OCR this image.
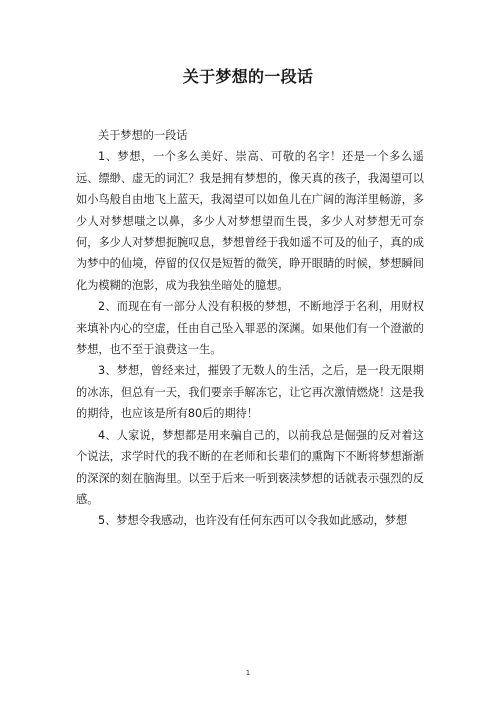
关于梦想的一段话

关于梦想的一段话

1、梦想，一个多么美好、崇高、可敬的名字！还是一个多么遥远、缥缈、虚无的词汇？我是拥有梦想的，像天真的孩子，我渴望可以如小鸟般自由地飞上蓝天，我渴望可以如鱼儿在广阔的海洋里畅游，多少人对梦想嗤之以鼻，多少人对梦想望而生畏，多少人对梦想无可奈何，多少人对梦想扼腕叹息，梦想曾经于我如遥不可及的仙子，真的成为梦中的仙境，停留的仅仅是短暂的微笑，睁开眼睛的时候，梦想瞬间化为模糊的泡影，成为我独坐暗处的臆想。

2、而现在有一部分人没有积极的梦想，不断地浮于名利，用财权来填补内心的空虚，任由自己坠入罪恶的深渊。如果他们有一个澄澈的梦想，也不至于浪费这一生。

3、梦想，曾经来过，摧毁了无数人的生活，之后，是一段无限期的冰冻，但总有一天，我们要亲手解冻它，让它再次激情燃烧！这是我的期待，也应该是所有80后的期待！

4、人家说，梦想都是用来骗自己的，以前我总是倔强的反对着这个说法，求学时代的我不断的在老师和长辈们的熏陶下不断将梦想渐渐的深深的刻在脑海里。以至于后来一听到亵渎梦想的话就表示强烈的反感。

5、梦想令我感动，也许没有任何东西可以令我如此感动，梦想

1
